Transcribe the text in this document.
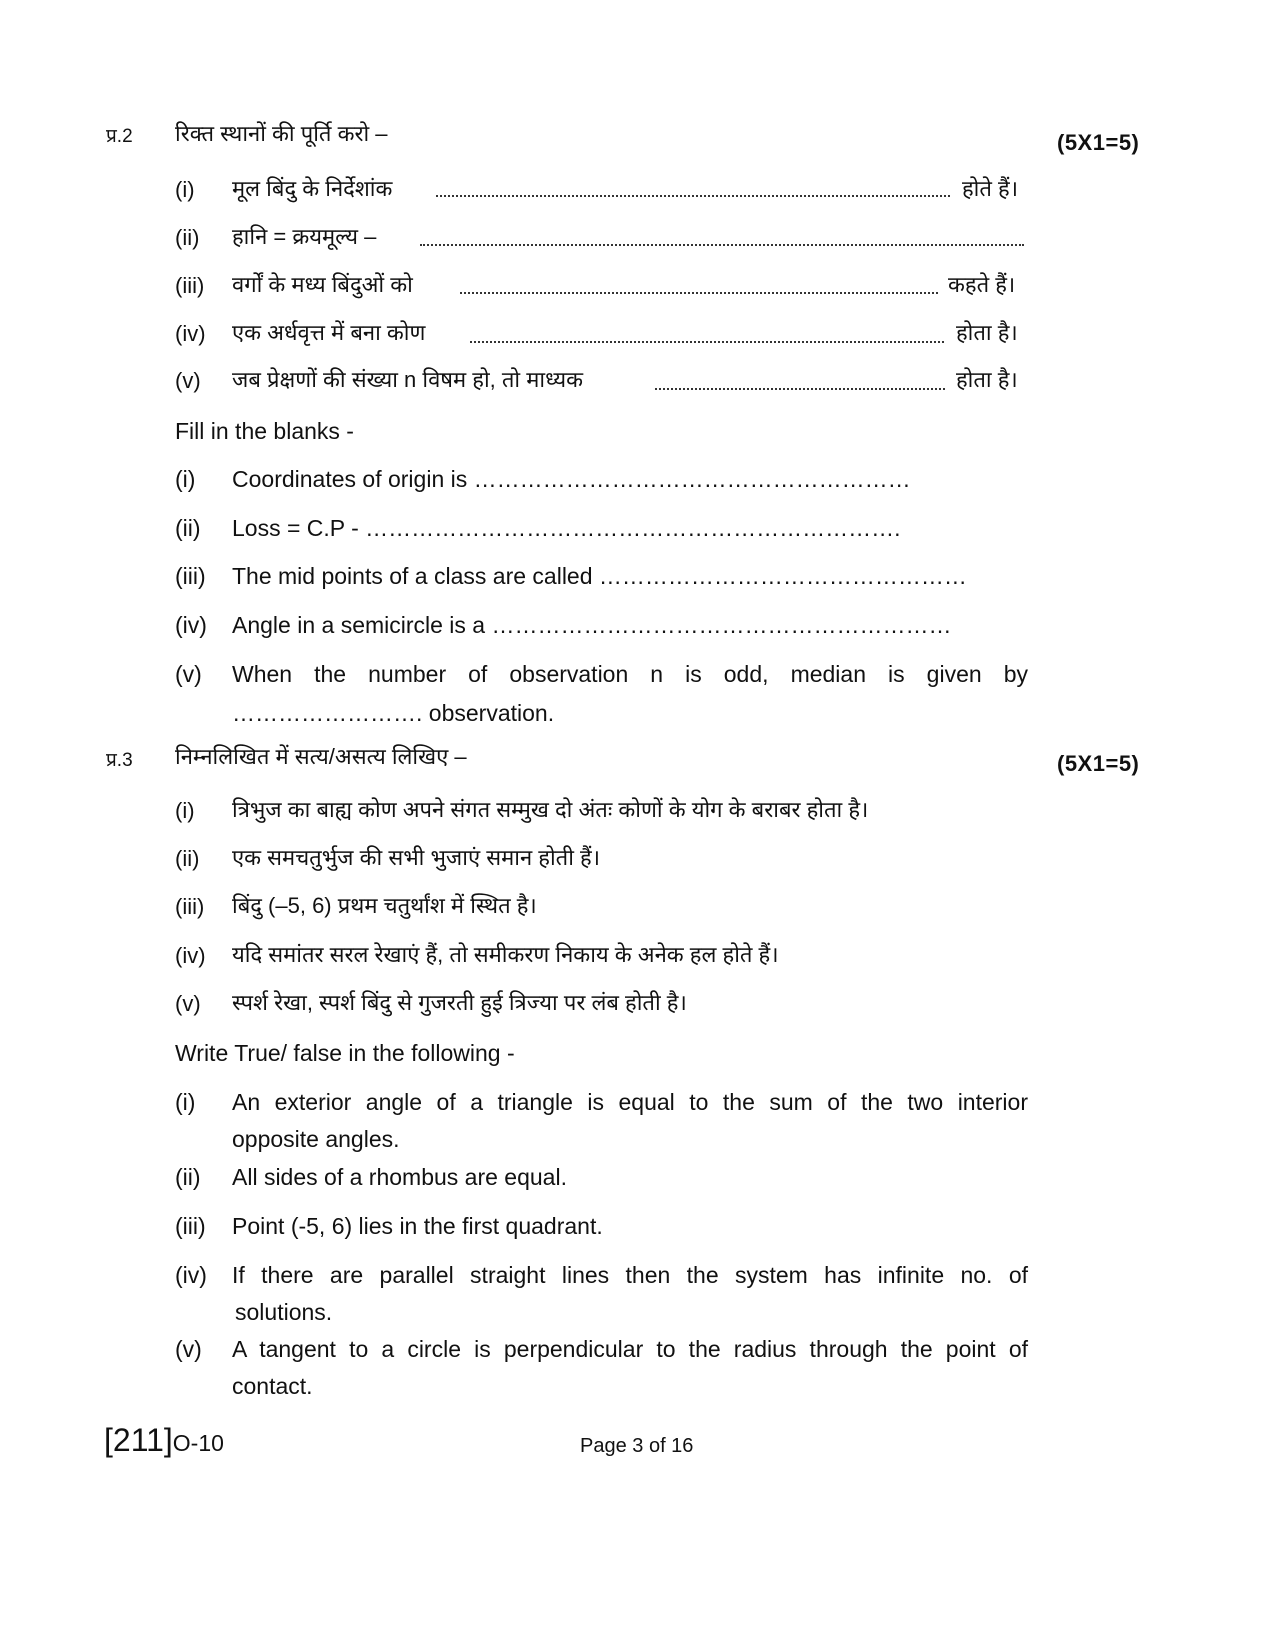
प्र.2 रिक्त स्थानों की पूर्ति करो –	(5X1=5)
(i) मूल बिंदु के निर्देशांक	होते हैं।
(ii) हानि = क्रयमूल्य –
(iii) वर्गों के मध्य बिंदुओं को	कहते हैं।
(iv) एक अर्धवृत्त में बना कोण	होता है।
(v) जब प्रेक्षणों की संख्या n विषम हो, तो माध्यक	होता है।
Fill in the blanks -
(i) Coordinates of origin is …………………………………………………
(ii) Loss = C.P - …………………………………………………………….
(iii) The mid points of a class are called …………………………………………
(iv) Angle in a semicircle is a ……………………………………………………
(v) When the number of observation n is odd, median is given by
……………………. observation.
प्र.3 निम्नलिखित में सत्य/असत्य लिखिए –	(5X1=5)
(i) त्रिभुज का बाह्य कोण अपने संगत सम्मुख दो अंतः कोणों के योग के बराबर होता है।
(ii) एक समचतुर्भुज की सभी भुजाएं समान होती हैं।
(iii) बिंदु (–5, 6) प्रथम चतुर्थांश में स्थित है।
(iv) यदि समांतर सरल रेखाएं हैं, तो समीकरण निकाय के अनेक हल होते हैं।
(v) स्पर्श रेखा, स्पर्श बिंदु से गुजरती हुई त्रिज्या पर लंब होती है।
Write True/ false in the following -
(i) An exterior angle of a triangle is equal to the sum of the two interior
opposite angles.
(ii) All sides of a rhombus are equal.
(iii) Point (-5, 6) lies in the first quadrant.
(iv) If there are parallel straight lines then the system has infinite no. of
solutions.
(v) A tangent to a circle is perpendicular to the radius through the point of
contact.
[211]O-10	Page 3 of 16
